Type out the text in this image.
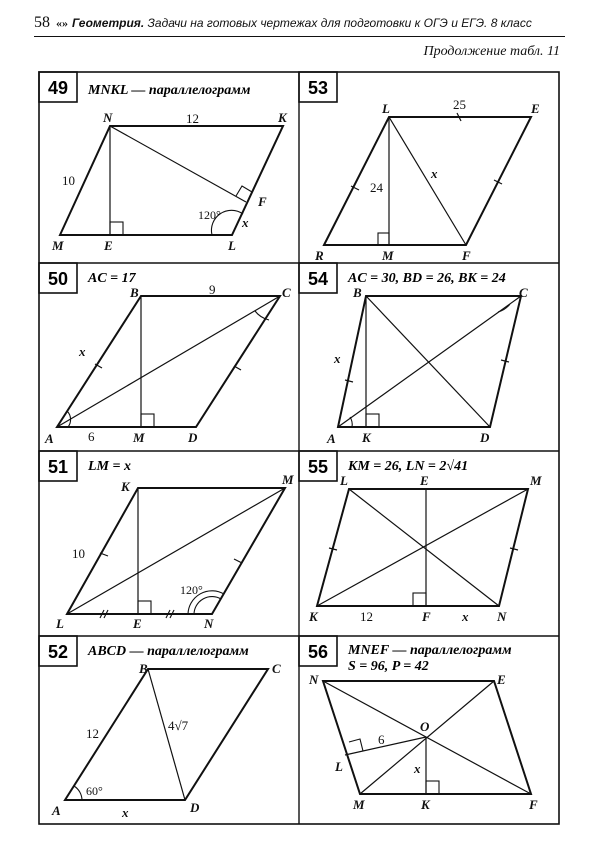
58 «» Геометрия. Задачи на готовых чертежах для подготовки к ОГЭ и ЕГЭ. 8 класс
Продолжение табл. 11
49	53
50	54
51	55
52	56
MNKL — параллелограмм
AC = 17	AC = 30, BD = 26, BK = 24
LM = x	KM = 26, LN = 2√41
ABCD — параллелограмм	MNEF — параллелограмм
S = 96, P = 42
N	K
M	E	L
F
x
12
10
120°
L	E
R	M	F
x
25
24
B	C
A	M	D
x
9
6
B	C
A K	D
x
K	M
L	E	N
10
120°
L	E	M
K	F	N
x
12
B	C
A	D
x
12
4√7
60°
N	E
O
L
M	K	F
x
6
